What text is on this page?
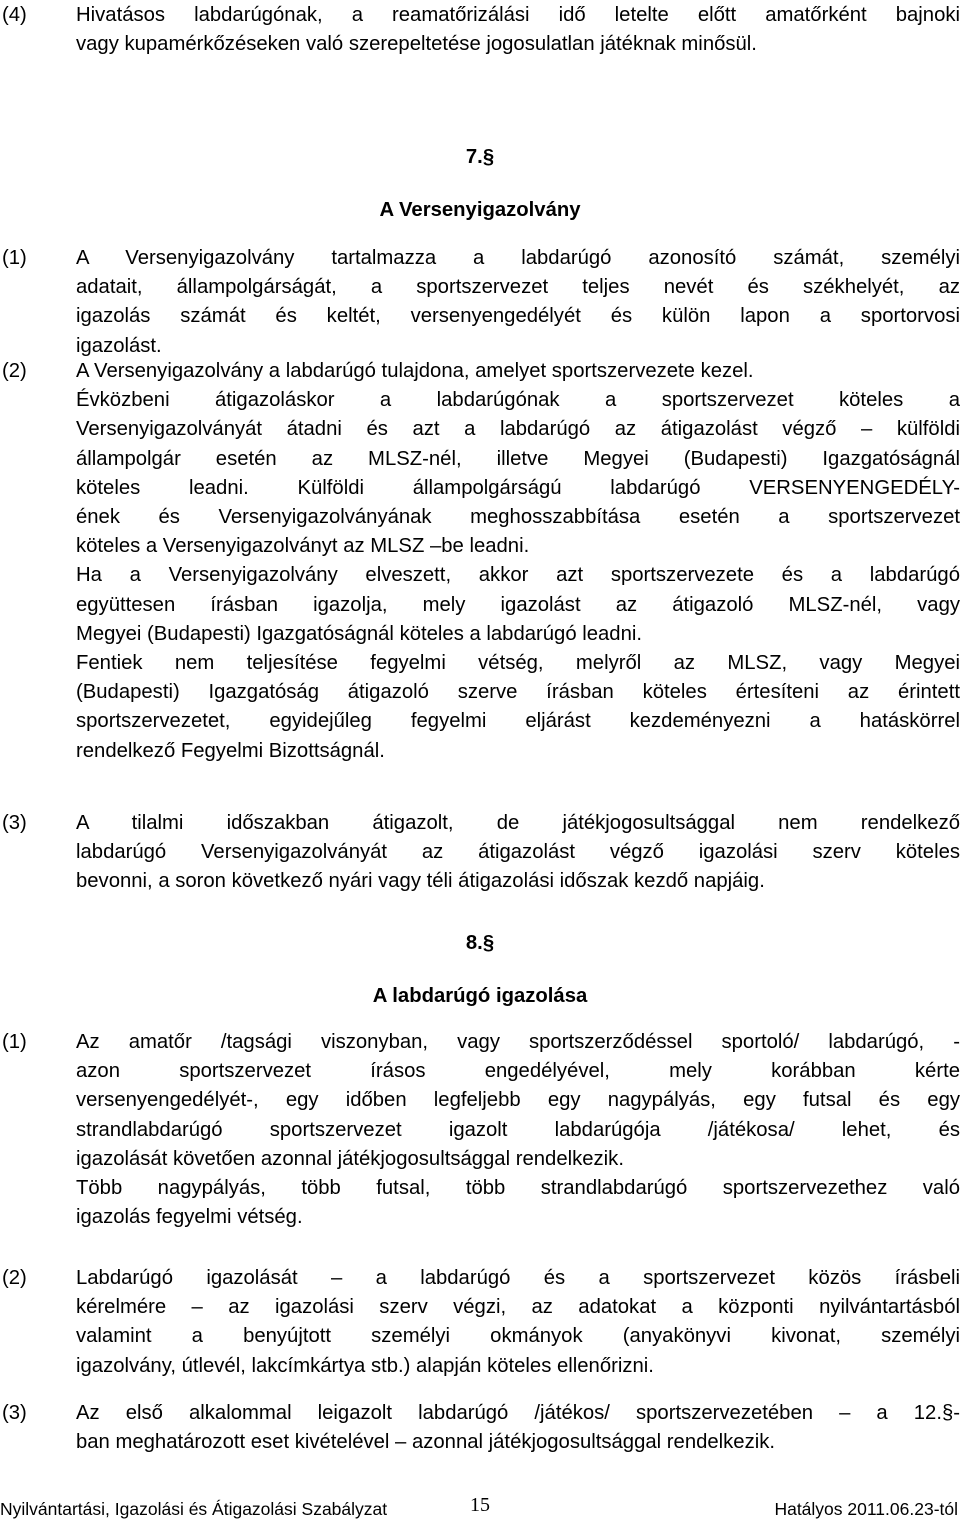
(4) Hivatásos labdarúgónak, a reamatőrizálási idő letelte előtt amatőrként bajnoki
vagy kupamérkőzéseken való szerepeltetése jogosulatlan játéknak minősül.
7.§
A Versenyigazolvány
(1) A Versenyigazolvány tartalmazza a labdarúgó azonosító számát, személyi
adatait, állampolgárságát, a sportszervezet teljes nevét és székhelyét, az
igazolás számát és keltét, versenyengedélyét és külön lapon a sportorvosi
igazolást.
(2) A Versenyigazolvány a labdarúgó tulajdona, amelyet sportszervezete kezel.
Évközbeni átigazoláskor a labdarúgónak a sportszervezet köteles a
Versenyigazolványát átadni és azt a labdarúgó az átigazolást végző – külföldi
állampolgár esetén az MLSZ-nél, illetve Megyei (Budapesti) Igazgatóságnál
köteles leadni. Külföldi állampolgárságú labdarúgó VERSENYENGEDÉLY-
ének és Versenyigazolványának meghosszabbítása esetén a sportszervezet
köteles a Versenyigazolványt az MLSZ –be leadni.
Ha a Versenyigazolvány elveszett, akkor azt sportszervezete és a labdarúgó
együttesen írásban igazolja, mely igazolást az átigazoló MLSZ-nél, vagy
Megyei (Budapesti) Igazgatóságnál köteles a labdarúgó leadni.
Fentiek nem teljesítése fegyelmi vétség, melyről az MLSZ, vagy Megyei
(Budapesti) Igazgatóság átigazoló szerve írásban köteles értesíteni az érintett
sportszervezetet, egyidejűleg fegyelmi eljárást kezdeményezni a hatáskörrel
rendelkező Fegyelmi Bizottságnál.
(3) A tilalmi időszakban átigazolt, de játékjogosultsággal nem rendelkező
labdarúgó Versenyigazolványát az átigazolást végző igazolási szerv köteles
bevonni, a soron következő nyári vagy téli átigazolási időszak kezdő napjáig.
8.§
A labdarúgó igazolása
(1) Az amatőr /tagsági viszonyban, vagy sportszerződéssel sportoló/ labdarúgó, -
azon sportszervezet írásos engedélyével, mely korábban kérte
versenyengedélyét-, egy időben legfeljebb egy nagypályás, egy futsal és egy
strandlabdarúgó sportszervezet igazolt labdarúgója /játékosa/ lehet, és
igazolását követően azonnal játékjogosultsággal rendelkezik.
Több nagypályás, több futsal, több strandlabdarúgó sportszervezethez való
igazolás fegyelmi vétség.
(2) Labdarúgó igazolását – a labdarúgó és a sportszervezet közös írásbeli
kérelmére – az igazolási szerv végzi, az adatokat a központi nyilvántartásból
valamint a benyújtott személyi okmányok (anyakönyvi kivonat, személyi
igazolvány, útlevél, lakcímkártya stb.) alapján köteles ellenőrizni.
(3) Az első alkalommal leigazolt labdarúgó /játékos/ sportszervezetében – a 12.§-
ban meghatározott eset kivételével – azonnal játékjogosultsággal rendelkezik.
Nyilvántartási, Igazolási és Átigazolási Szabályzat	15	Hatályos 2011.06.23-tól
